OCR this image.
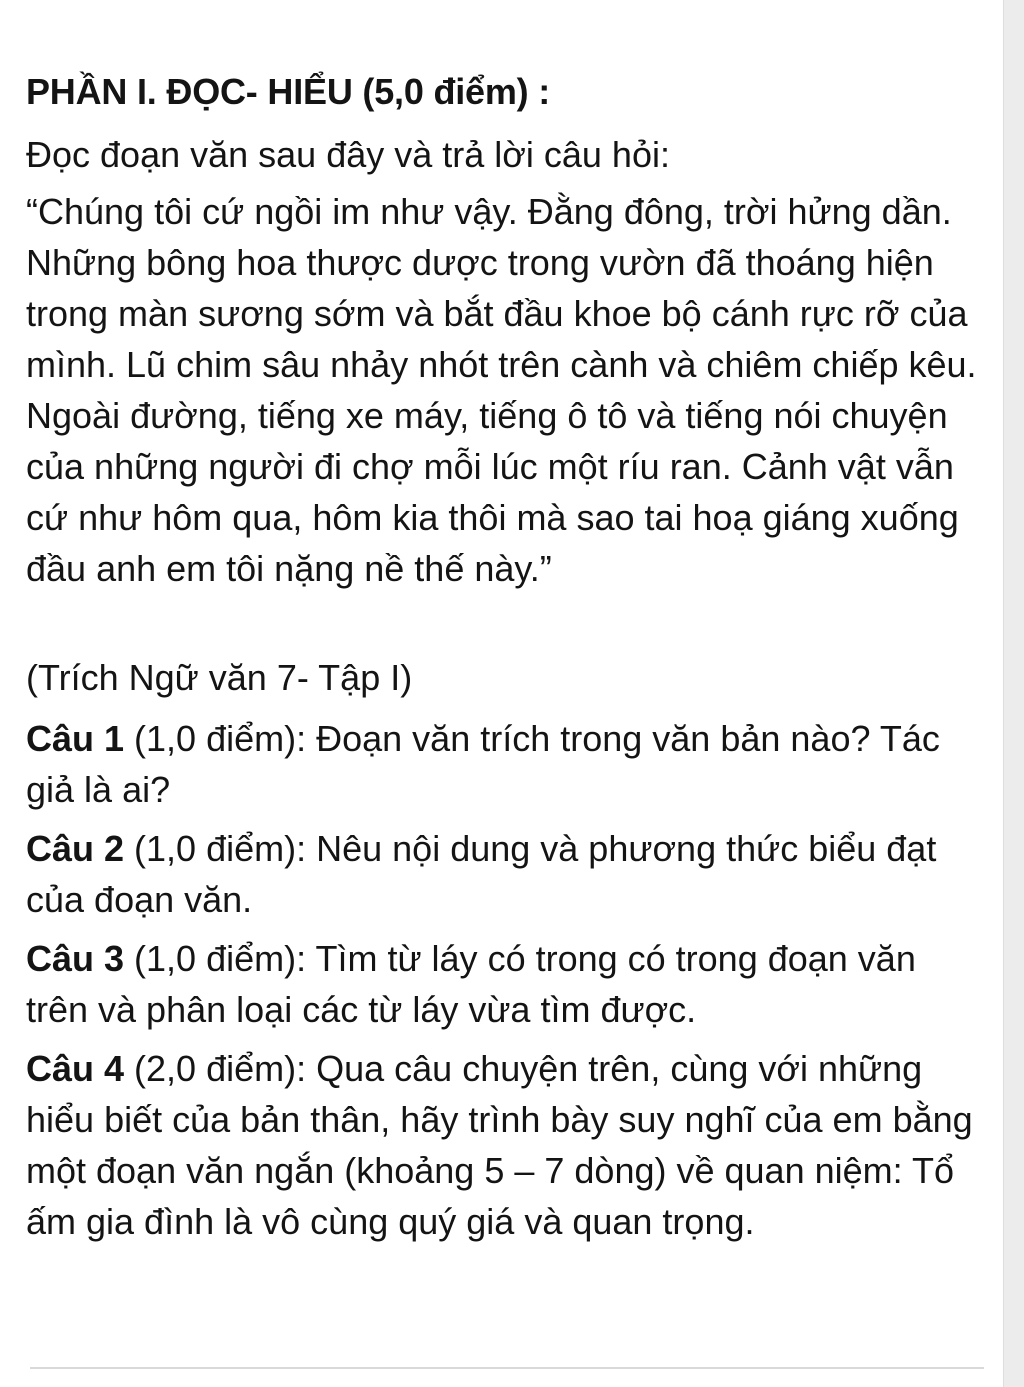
PHẦN I. ĐỌC- HIỂU (5,0 điểm) :

Đọc đoạn văn sau đây và trả lời câu hỏi:

“Chúng tôi cứ ngồi im như vậy. Đằng đông, trời hửng dần. Những bông hoa thược dược trong vườn đã thoáng hiện trong màn sương sớm và bắt đầu khoe bộ cánh rực rỡ của mình. Lũ chim sâu nhảy nhót trên cành và chiêm chiếp kêu. Ngoài đường, tiếng xe máy, tiếng ô tô và tiếng nói chuyện của những người đi chợ mỗi lúc một ríu ran. Cảnh vật vẫn cứ như hôm qua, hôm kia thôi mà sao tai hoạ giáng xuống đầu anh em tôi nặng nề thế này.”

(Trích Ngữ văn 7- Tập I)

Câu 1 (1,0 điểm): Đoạn văn trích trong văn bản nào? Tác giả là ai?

Câu 2 (1,0 điểm): Nêu nội dung và phương thức biểu đạt của đoạn văn.

Câu 3 (1,0 điểm): Tìm từ láy có trong có trong đoạn văn trên và phân loại các từ láy vừa tìm được.

Câu 4 (2,0 điểm): Qua câu chuyện trên, cùng với những hiểu biết của bản thân, hãy trình bày suy nghĩ của em bằng một đoạn văn ngắn (khoảng 5 – 7 dòng) về quan niệm: Tổ ấm gia đình là vô cùng quý giá và quan trọng.
